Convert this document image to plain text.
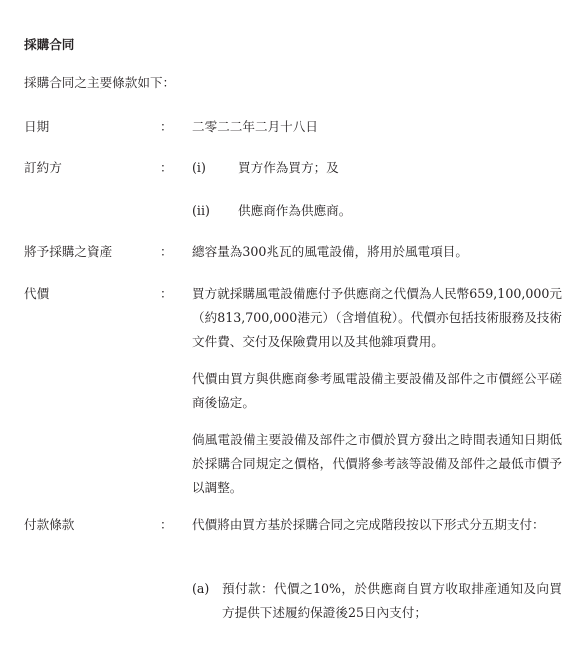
採購合同
採購合同之主要條款如下：
日期	： 二零二二年二月十八日
訂約方	： (i)	買方作為買方；及
(ii) 供應商作為供應商。
將予採購之資產	： 總容量為300兆瓦的風電設備，將用於風電項目。
代價	： 買方就採購風電設備應付予供應商之代價為人民幣659,100,000元（約813,700,000港元）（含增值稅）。代價亦包括技術服務及技術文件費、交付及保險費用以及其他雜項費用。
代價由買方與供應商參考風電設備主要設備及部件之市價經公平磋商後協定。
倘風電設備主要設備及部件之市價於買方發出之時間表通知日期低於採購合同規定之價格，代價將參考該等設備及部件之最低市價予以調整。
付款條款	： 代價將由買方基於採購合同之完成階段按以下形式分五期支付：
(a) 預付款：代價之10%，於供應商自買方收取排產通知及向買方提供下述履約保證後25日內支付；
